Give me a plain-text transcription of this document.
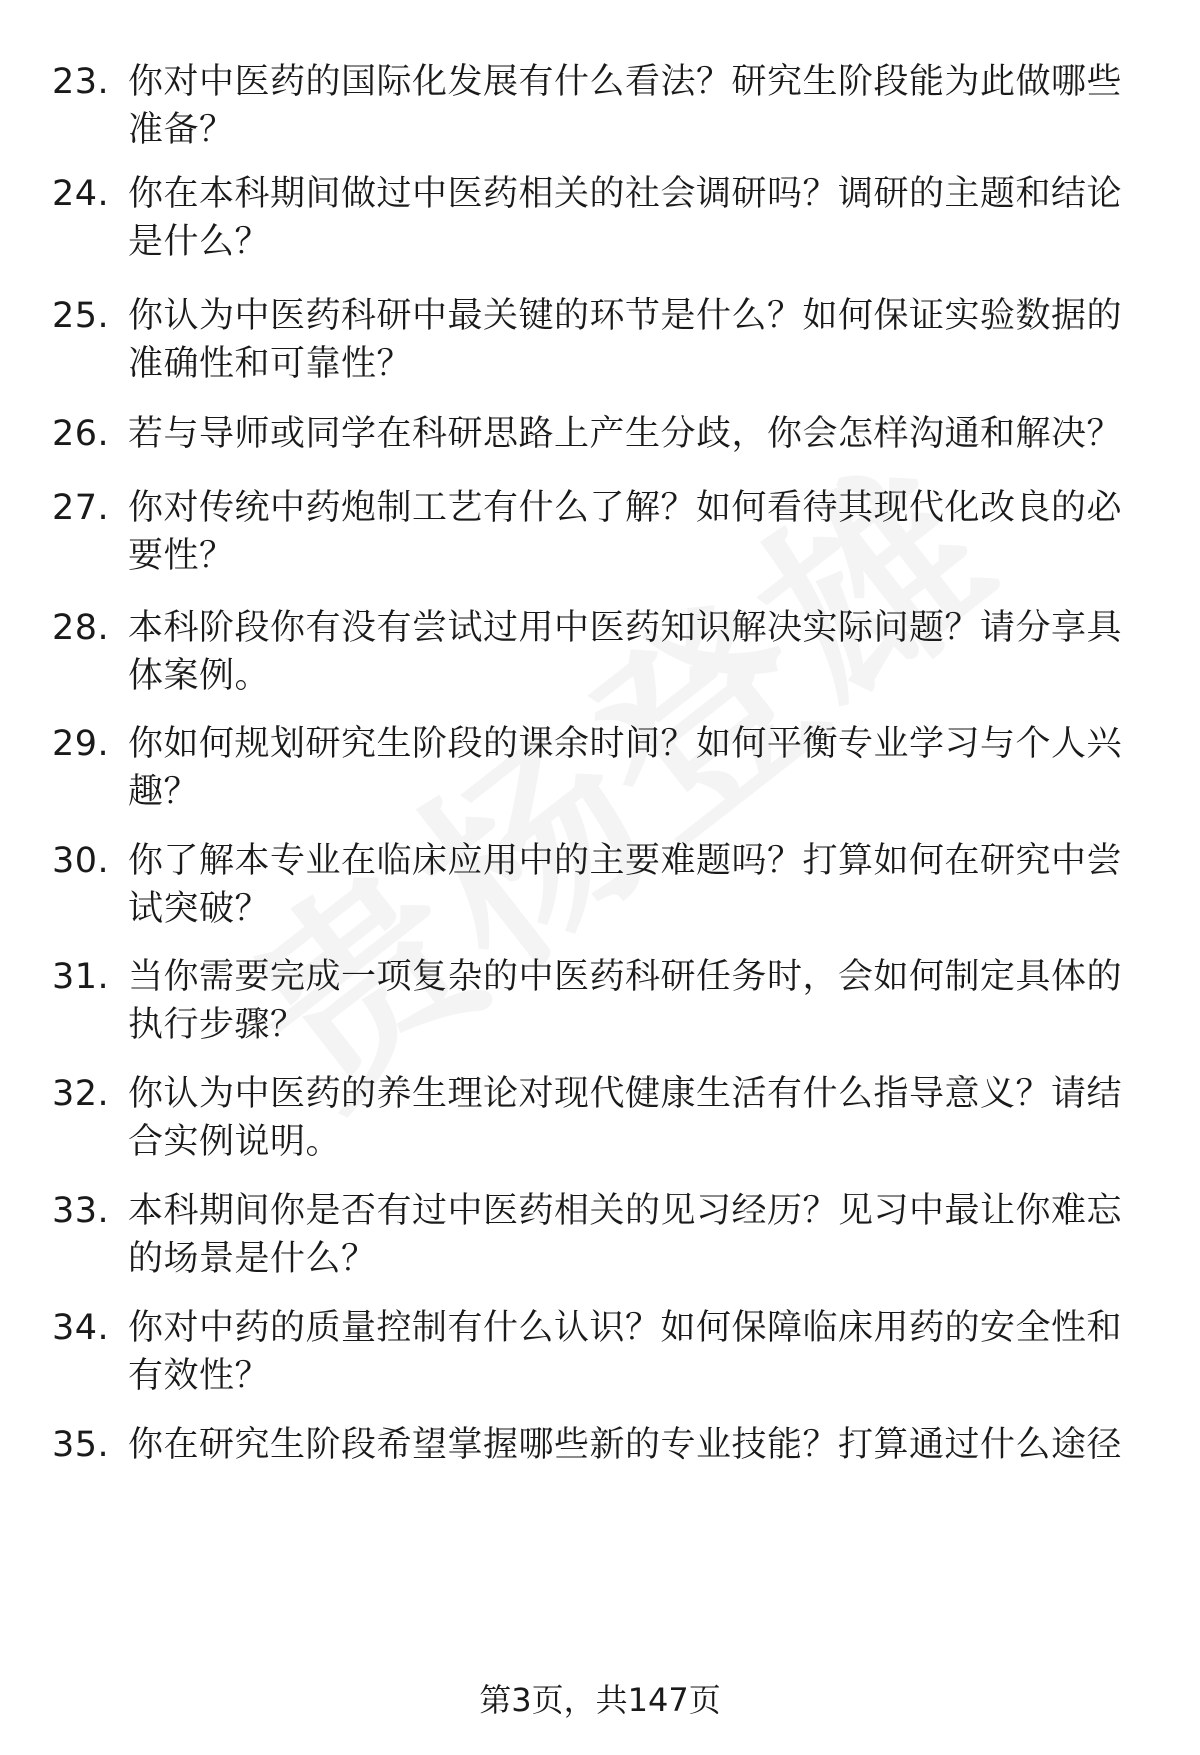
23. 你对中医药的国际化发展有什么看法？研究生阶段能为此做哪些准备？
24. 你在本科期间做过中医药相关的社会调研吗？调研的主题和结论是什么？
25. 你认为中医药科研中最关键的环节是什么？如何保证实验数据的准确性和可靠性？
26. 若与导师或同学在科研思路上产生分歧，你会怎样沟通和解决？
27. 你对传统中药炮制工艺有什么了解？如何看待其现代化改良的必要性？
28. 本科阶段你有没有尝试过用中医药知识解决实际问题？请分享具体案例。
29. 你如何规划研究生阶段的课余时间？如何平衡专业学习与个人兴趣？
30. 你了解本专业在临床应用中的主要难题吗？打算如何在研究中尝试突破？
31. 当你需要完成一项复杂的中医药科研任务时，会如何制定具体的执行步骤？
32. 你认为中医药的养生理论对现代健康生活有什么指导意义？请结合实例说明。
33. 本科期间你是否有过中医药相关的见习经历？见习中最让你难忘的场景是什么？
34. 你对中药的质量控制有什么认识？如何保障临床用药的安全性和有效性？
35. 你在研究生阶段希望掌握哪些新的专业技能？打算通过什么途径
第3页，共147页
